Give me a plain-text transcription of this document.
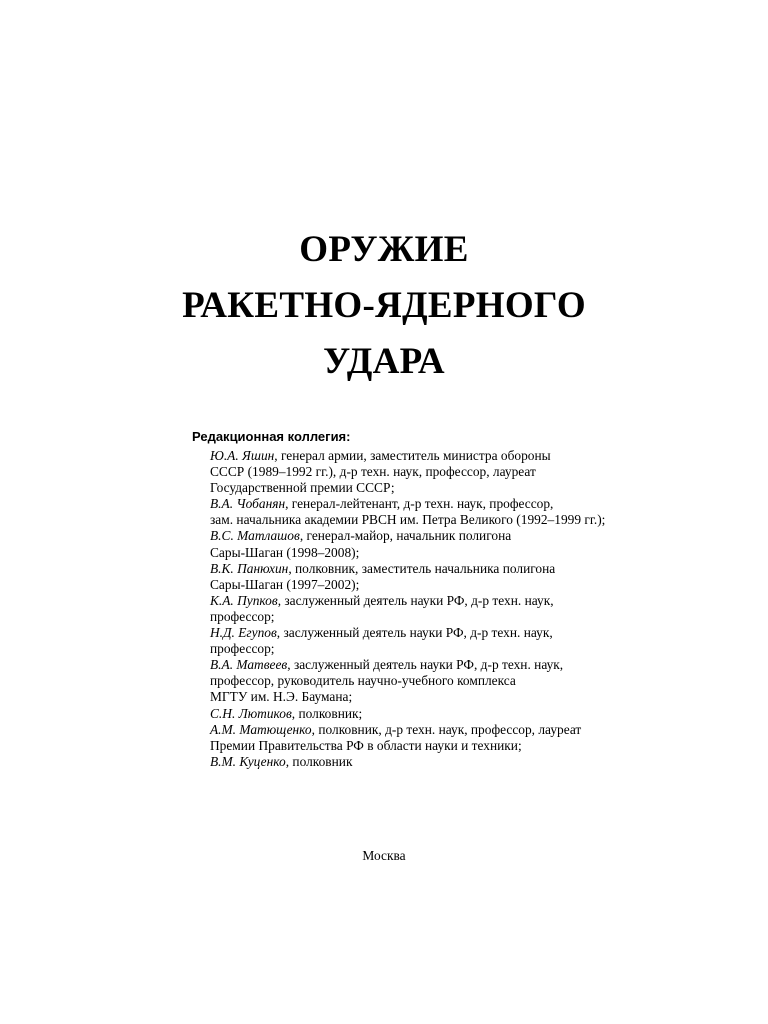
ОРУЖИЕ
РАКЕТНО-ЯДЕРНОГО
УДАРА
Редакционная коллегия:
Ю.А. Яшин, генерал армии, заместитель министра обороны
СССР (1989–1992 гг.), д-р техн. наук, профессор, лауреат
Государственной премии СССР;
В.А. Чобанян, генерал-лейтенант, д-р техн. наук, профессор,
зам. начальника академии РВСН им. Петра Великого (1992–1999 гг.);
В.С. Матлашов, генерал-майор, начальник полигона
Сары-Шаган (1998–2008);
В.К. Панюхин, полковник, заместитель начальника полигона
Сары-Шаган (1997–2002);
К.А. Пупков, заслуженный деятель науки РФ, д-р техн. наук,
профессор;
Н.Д. Егупов, заслуженный деятель науки РФ, д-р техн. наук,
профессор;
В.А. Матвеев, заслуженный деятель науки РФ, д-р техн. наук,
профессор, руководитель научно-учебного комплекса
МГТУ им. Н.Э. Баумана;
С.Н. Лютиков, полковник;
А.М. Матющенко, полковник, д-р техн. наук, профессор, лауреат
Премии Правительства РФ в области науки и техники;
В.М. Куценко, полковник
Москва
